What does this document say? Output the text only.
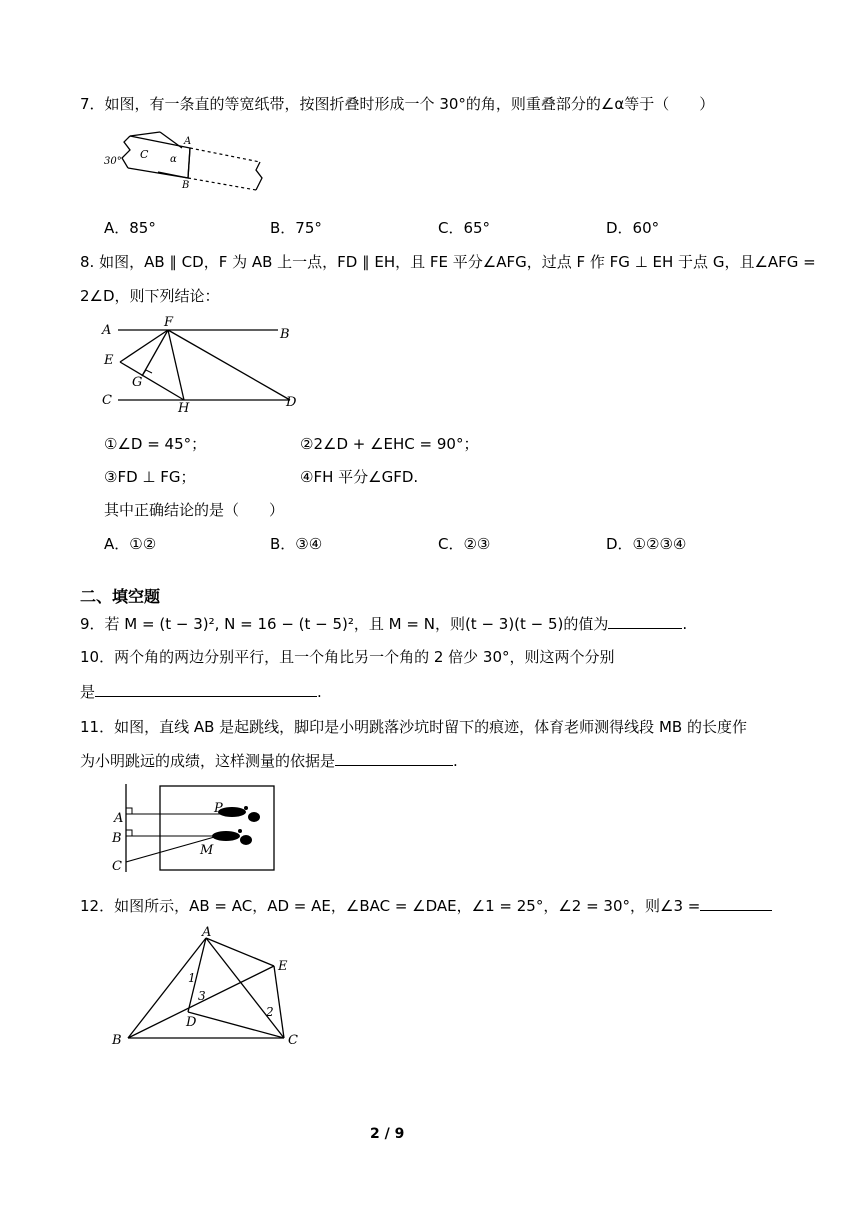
7．如图，有一条直的等宽纸带，按图折叠时形成一个 30°的角，则重叠部分的∠α等于（　　）
A
B
C α
30°
A．85°	B．75°	C．65°	D．60°
8. 如图，AB ∥ CD，F 为 AB 上一点，FD ∥ EH，且 FE 平分∠AFG，过点 F 作 FG ⊥ EH 于点 G，且∠AFG =
2∠D，则下列结论：
A	B
C	D
E
F
G
H
①∠D = 45°；	②2∠D + ∠EHC = 90°；
③FD ⊥ FG；	④FH 平分∠GFD.
其中正确结论的是（　　）
A．①②	B．③④	C．②③	D．①②③④
二、填空题
9．若 M = (t − 3)², N = 16 − (t − 5)²，且 M = N，则(t − 3)(t − 5)的值为	.
10．两个角的两边分别平行，且一个角比另一个角的 2 倍少 30°，则这两个分别
是	.
11．如图，直线 AB 是起跳线，脚印是小明跳落沙坑时留下的痕迹，体育老师测得线段 MB 的长度作
为小明跳远的成绩，这样测量的依据是	.
A
B
C
P
M
12．如图所示，AB = AC，AD = AE，∠BAC = ∠DAE，∠1 = 25°，∠2 = 30°，则∠3 =
A
B	C
D
E
1
2
3
2 / 9
